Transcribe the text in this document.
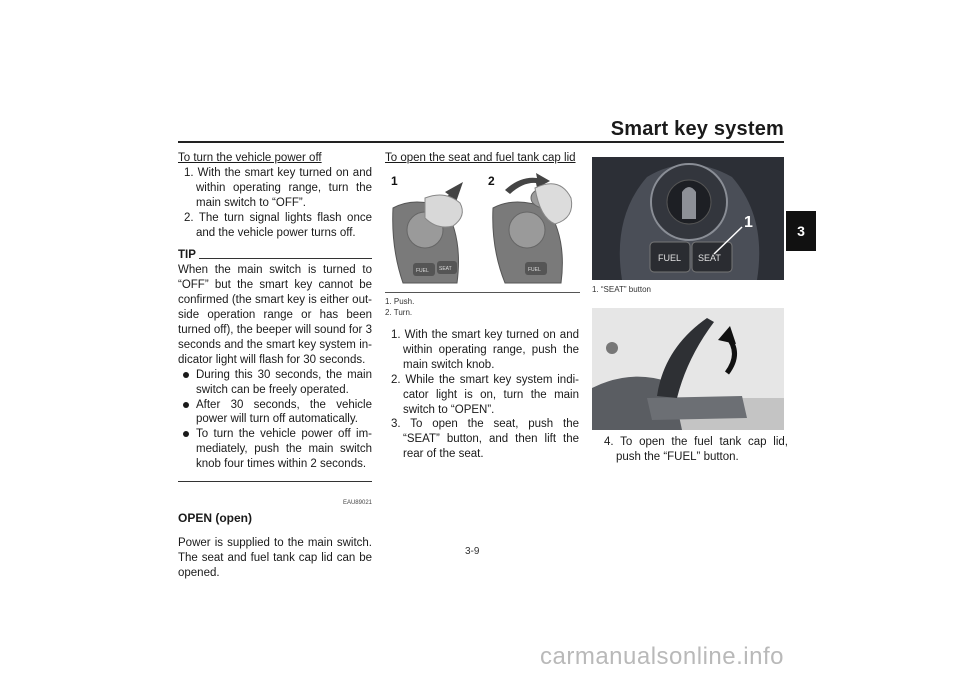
Smart key system
3

To turn the vehicle power off

1. With the smart key turned on and within operating range, turn the main switch to “OFF”.

2. The turn signal lights flash once and the vehicle power turns off.

TIP

When the main switch is turned to “OFF” but the smart key cannot be confirmed (the smart key is either out-side operation range or has been turned off), the beeper will sound for 3 seconds and the smart key system in-dicator light will flash for 30 seconds.

During this 30 seconds, the main switch can be freely operated.
After 30 seconds, the vehicle power will turn off automatically.
To turn the vehicle power off im-mediately, push the main switch knob four times within 2 seconds.
EAU89021

OPEN (open)

Power is supplied to the main switch. The seat and fuel tank cap lid can be opened.

To open the seat and fuel tank cap lid

1	2
FUEL SEAT	FUEL
1. Push.
2. Turn.

1. With the smart key turned on and within operating range, push the main switch knob.

2. While the smart key system indi-cator light is on, turn the main switch to “OPEN”.

3. To open the seat, push the “SEAT” button, and then lift the rear of the seat.

FUEL SEAT
1
1. “SEAT” button

4. To open the fuel tank cap lid, push the “FUEL” button.

3-9
carmanualsonline.info
